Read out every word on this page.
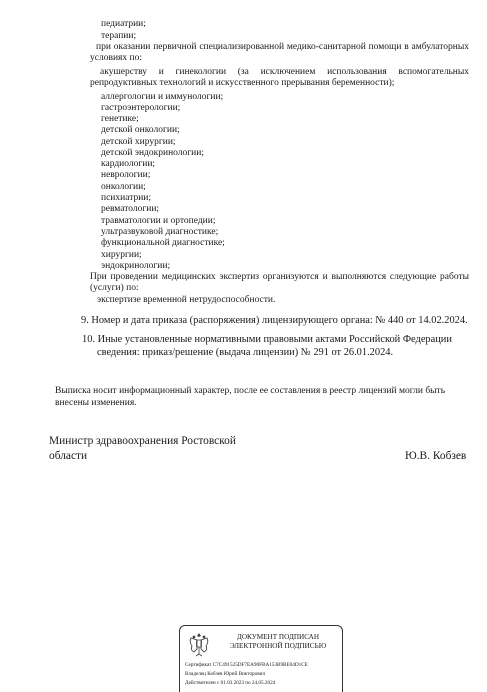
педиатрии;
терапии;
при оказании первичной специализированной медико-санитарной помощи в амбулаторных условиях по:
акушерству и гинекологии (за исключением использования вспомогательных репродуктивных технологий и искусственного прерывания беременности);
аллергологии и иммунологии;
гастроэнтерологии;
генетике;
детской онкологии;
детской хирургии;
детской эндокринологии;
кардиологии;
неврологии;
онкологии;
психиатрии;
ревматологии;
травматологии и ортопедии;
ультразвуковой диагностике;
функциональной диагностике;
хирургии;
эндокринологии;
При проведении медицинских экспертиз организуются и выполняются следующие работы (услуги) по:
экспертизе временной нетрудоспособности.
9. Номер и дата приказа (распоряжения) лицензирующего органа: № 440 от 14.02.2024.
10. Иные установленные нормативными правовыми актами Российской Федерации
сведения: приказ/решение (выдача лицензии) № 291 от 26.01.2024.
Выписка носит информационный характер, после ее составления в реестр лицензий могли быть внесены изменения.
Министр здравоохранения Ростовской
области	Ю.В. Кобзев
ДОКУМЕНТ ПОДПИСАН
ЭЛЕКТРОННОЙ ПОДПИСЬЮ
Сертификат C7C491525DF7EA90FBA153B9BE04D1CE
Владелец Кобзев Юрий Викторович
Действителен с 01.03.2023 по 24.05.2024
